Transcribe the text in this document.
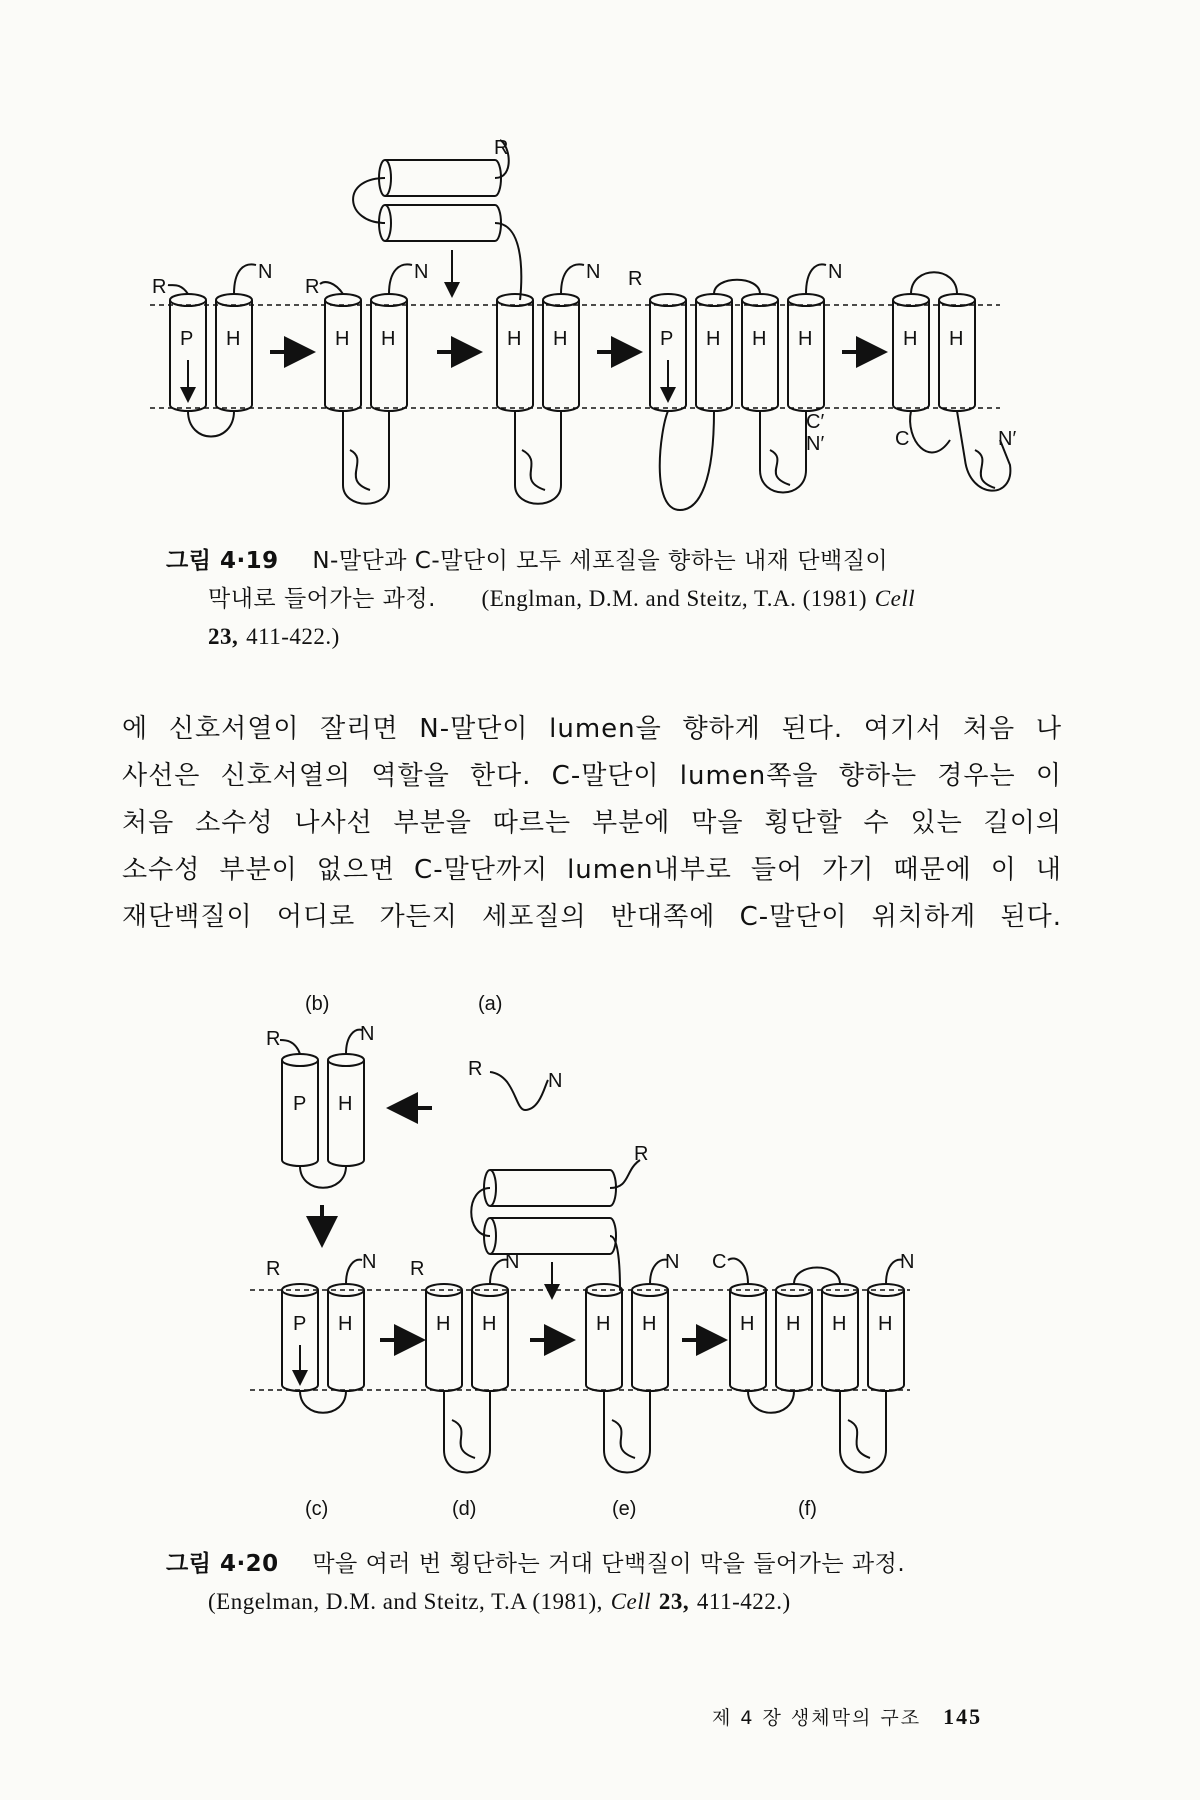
R
P H
N
R
H H
N
R
H H
N R
P H H H
N
C′
N′
H H
C	N′
(b)	(a)
R	N
P H
R
N
R
R	N
P H
R
H H
N
H H
N C
H H H H
N
(c)	(d)	(e)	(f)
그림 4·19 N-말단과 C-말단이 모두 세포질을 향하는 내재 단백질이
막내로 들어가는 과정. (Englman, D.M. and Steitz, T.A. (1981) Cell
23, 411-422.)
에 신호서열이 잘리면 N-말단이 lumen을 향하게 된다. 여기서 처음 나
사선은 신호서열의 역할을 한다. C-말단이 lumen쪽을 향하는 경우는 이
처음 소수성 나사선 부분을 따르는 부분에 막을 횡단할 수 있는 길이의
소수성 부분이 없으면 C-말단까지 lumen내부로 들어 가기 때문에 이 내
재단백질이 어디로 가든지 세포질의 반대쪽에 C-말단이 위치하게 된다.
그림 4·20 막을 여러 번 횡단하는 거대 단백질이 막을 들어가는 과정.
(Engelman, D.M. and Steitz, T.A (1981), Cell 23, 411-422.)
제 4 장 생체막의 구조 145
